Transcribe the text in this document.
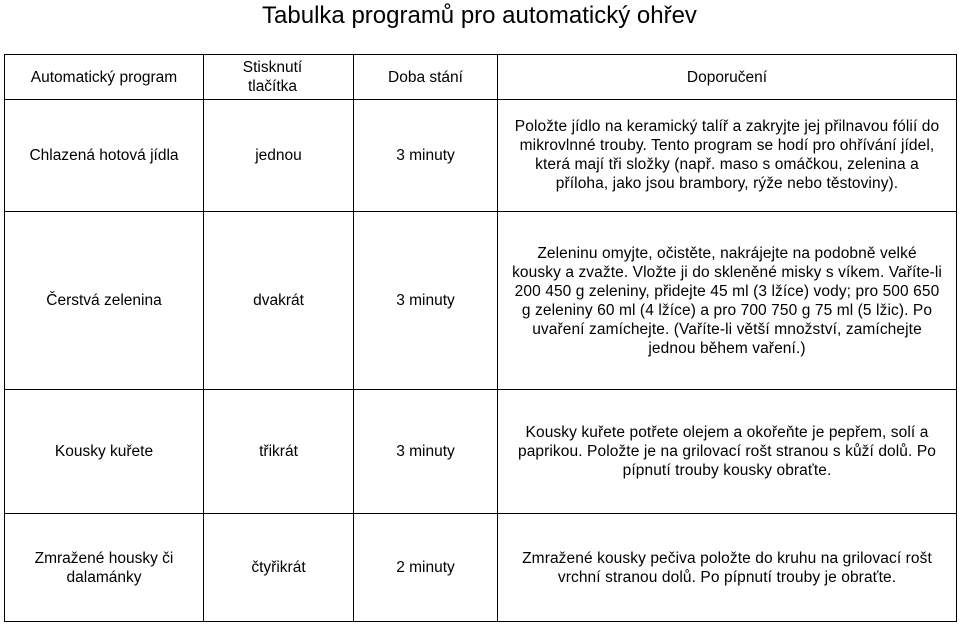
Tabulka programů pro automatický ohřev
Automatický program	Stisknutí tlačítka	Doba stání	Doporučení
Chlazená hotová jídla	jednou	3 minuty	Položte jídlo na keramický talíř a zakryjte jej přilnavou fólií do mikrovlnné trouby. Tento program se hodí pro ohřívání jídel, která mají tři složky (např. maso s omáčkou, zelenina a příloha, jako jsou brambory, rýže nebo těstoviny).
Čerstvá zelenina	dvakrát	3 minuty	Zeleninu omyjte, očistěte, nakrájejte na podobně velké kousky a zvažte. Vložte ji do skleněné misky s víkem. Vaříte-li 200 450 g zeleniny, přidejte 45 ml (3 lžíce) vody; pro 500 650 g zeleniny 60 ml (4 lžíce) a pro 700 750 g 75 ml (5 lžic). Po uvaření zamíchejte. (Vaříte-li větší množství, zamíchejte jednou během vaření.)
Kousky kuřete	třikrát	3 minuty	Kousky kuřete potřete olejem a okořeňte je pepřem, solí a paprikou. Položte je na grilovací rošt stranou s kůží dolů. Po pípnutí trouby kousky obraťte.
Zmražené housky či dalamánky	čtyřikrát	2 minuty	Zmražené kousky pečiva položte do kruhu na grilovací rošt vrchní stranou dolů. Po pípnutí trouby je obraťte.
